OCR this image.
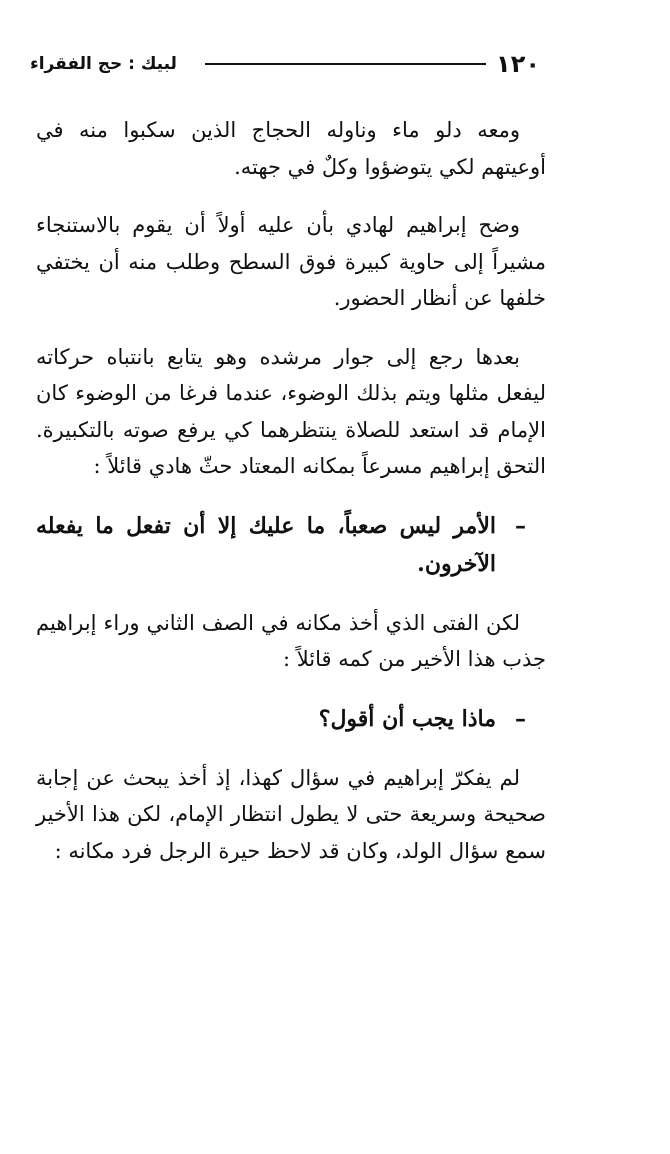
١٢٠
لبيك : حج الفقراء

ومعه دلو ماء وناوله الحجاج الذين سكبوا منه في أوعيتهم لكي يتوضؤوا وكلٌ في جهته.

وضح إبراهيم لهادي بأن عليه أولاً أن يقوم بالاستنجاء مشيراً إلى حاوية كبيرة فوق السطح وطلب منه أن يختفي خلفها عن أنظار الحضور.

بعدها رجع إلى جوار مرشده وهو يتابع بانتباه حركاته ليفعل مثلها ويتم بذلك الوضوء، عندما فرغا من الوضوء كان الإمام قد استعد للصلاة ينتظرهما كي يرفع صوته بالتكبيرة. التحق إبراهيم مسرعاً بمكانه المعتاد حثّ هادي قائلاً :

–
الأمر ليس صعباً، ما عليك إلا أن تفعل ما يفعله الآخرون.

لكن الفتى الذي أخذ مكانه في الصف الثاني وراء إبراهيم جذب هذا الأخير من كمه قائلاً :

–
ماذا يجب أن أقول؟

لم يفكرّ إبراهيم في سؤال كهذا، إذ أخذ يبحث عن إجابة صحيحة وسريعة حتى لا يطول انتظار الإمام، لكن هذا الأخير سمع سؤال الولد، وكان قد لاحظ حيرة الرجل فرد مكانه :
